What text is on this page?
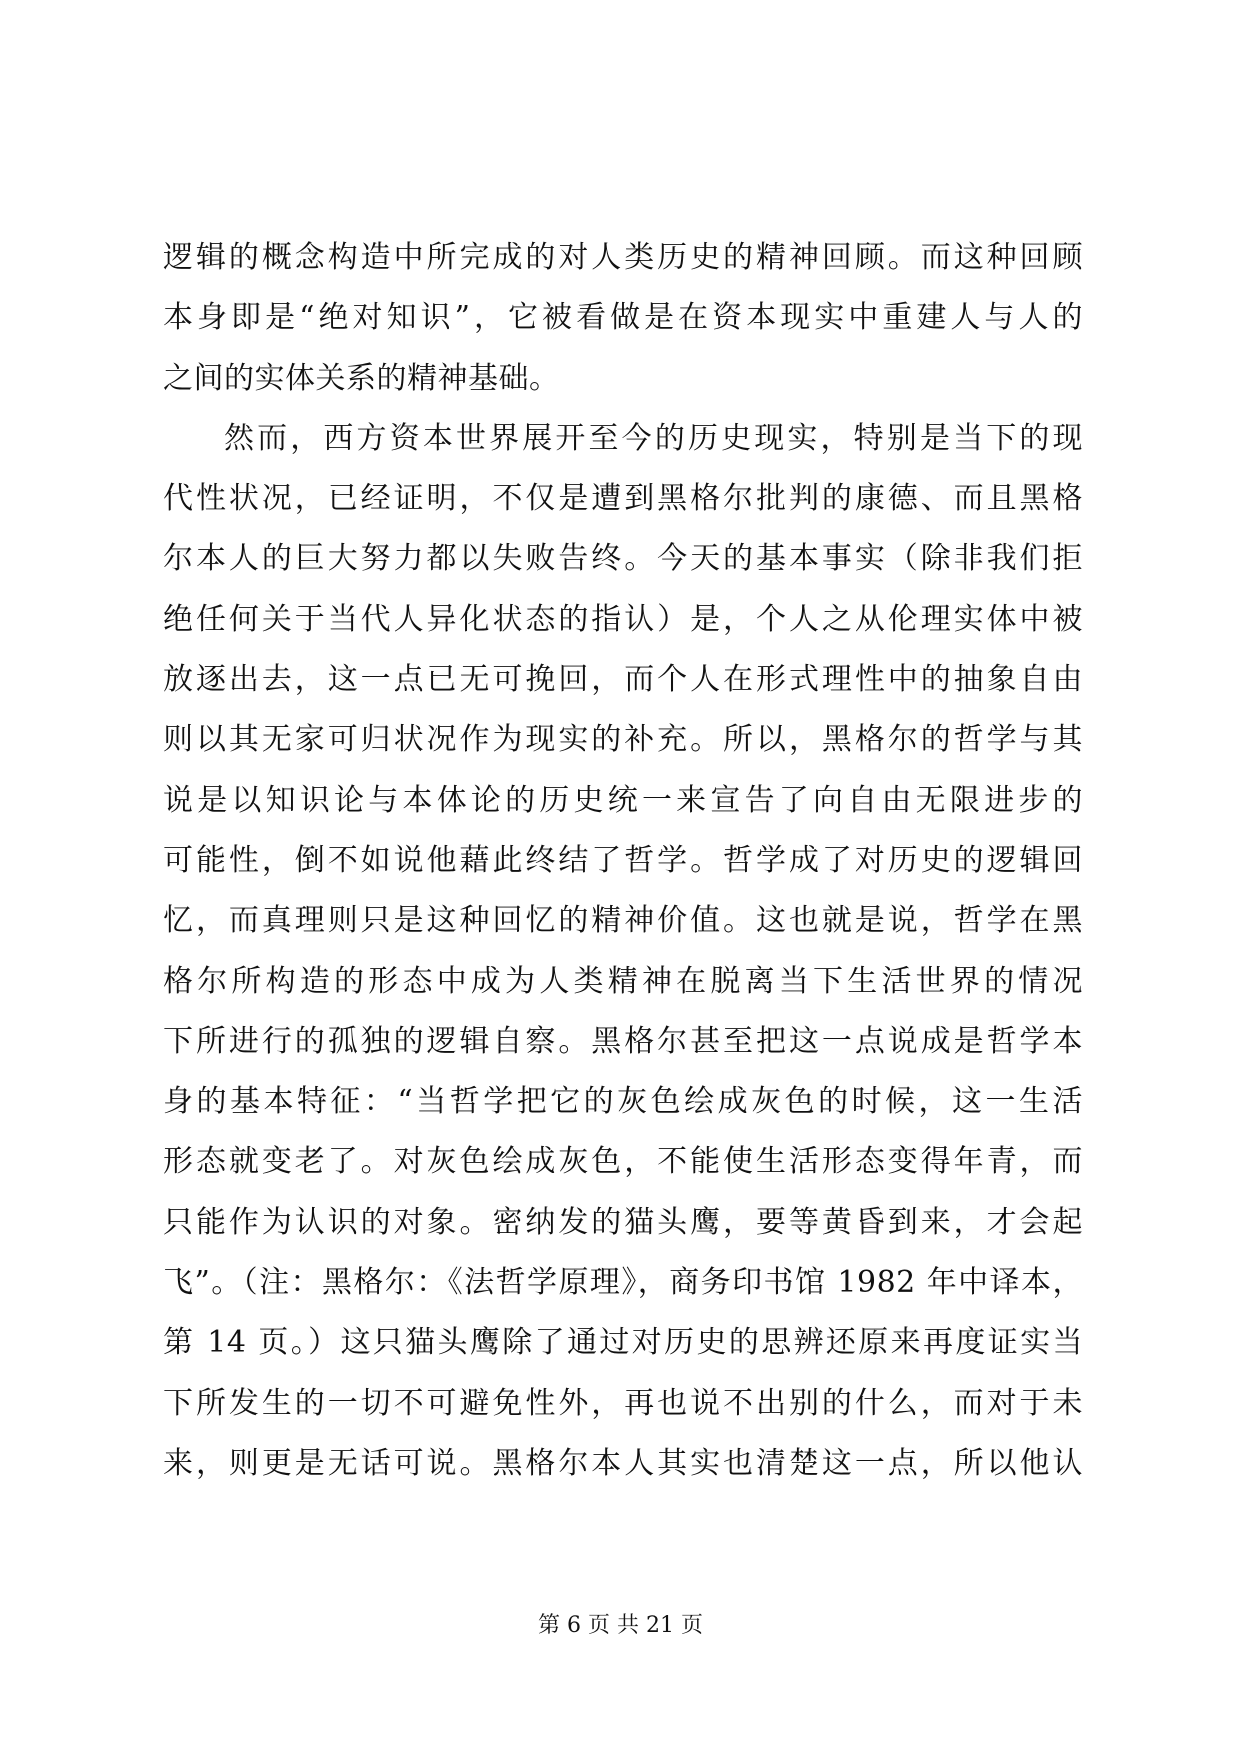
逻辑的概念构造中所完成的对人类历史的精神回顾。而这种回顾
本身即是“绝对知识”，它被看做是在资本现实中重建人与人的
之间的实体关系的精神基础。
然而，西方资本世界展开至今的历史现实，特别是当下的现
代性状况，已经证明，不仅是遭到黑格尔批判的康德、而且黑格
尔本人的巨大努力都以失败告终。今天的基本事实（除非我们拒
绝任何关于当代人异化状态的指认）是，个人之从伦理实体中被
放逐出去，这一点已无可挽回，而个人在形式理性中的抽象自由
则以其无家可归状况作为现实的补充。所以，黑格尔的哲学与其
说是以知识论与本体论的历史统一来宣告了向自由无限进步的
可能性，倒不如说他藉此终结了哲学。哲学成了对历史的逻辑回
忆，而真理则只是这种回忆的精神价值。这也就是说，哲学在黑
格尔所构造的形态中成为人类精神在脱离当下生活世界的情况
下所进行的孤独的逻辑自察。黑格尔甚至把这一点说成是哲学本
身的基本特征：“当哲学把它的灰色绘成灰色的时候，这一生活
形态就变老了。对灰色绘成灰色，不能使生活形态变得年青，而
只能作为认识的对象。密纳发的猫头鹰，要等黄昏到来，才会起
飞”。（注：黑格尔：《法哲学原理》，商务印书馆 1982 年中译本，
第 14 页。）这只猫头鹰除了通过对历史的思辨还原来再度证实当
下所发生的一切不可避免性外，再也说不出别的什么，而对于未
来，则更是无话可说。黑格尔本人其实也清楚这一点，所以他认
第 6 页 共 21 页
